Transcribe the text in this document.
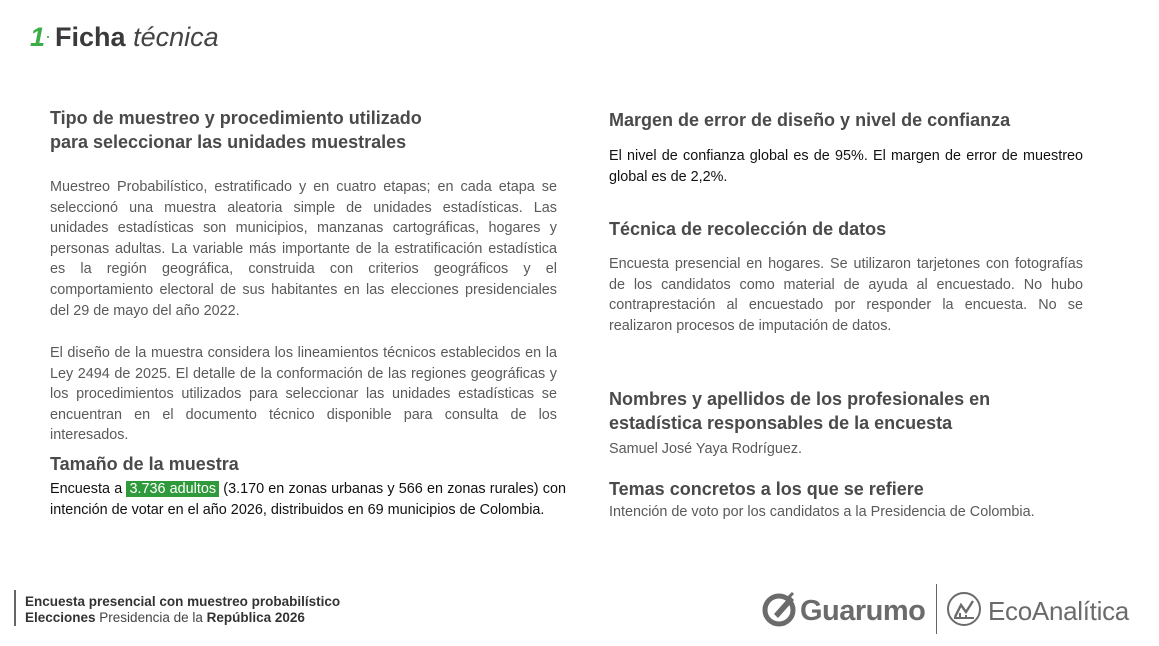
1· Ficha técnica
Tipo de muestreo y procedimiento utilizado
para seleccionar las unidades muestrales

Muestreo Probabilístico, estratificado y en cuatro etapas; en cada etapa se seleccionó una muestra aleatoria simple de unidades estadísticas. Las unidades estadísticas son municipios, manzanas cartográficas, hogares y personas adultas. La variable más importante de la estratificación estadística es la región geográfica, construida con criterios geográficos y el comportamiento electoral de sus habitantes en las elecciones presidenciales del 29 de mayo del año 2022.

El diseño de la muestra considera los lineamientos técnicos establecidos en la Ley 2494 de 2025. El detalle de la conformación de las regiones geográficas y los procedimientos utilizados para seleccionar las unidades estadísticas se encuentran en el documento técnico disponible para consulta de los interesados.

Tamaño de la muestra

Encuesta a 3.736 adultos (3.170 en zonas urbanas y 566 en zonas rurales) con intención de votar en el año 2026, distribuidos en 69 municipios de Colombia.

Margen de error de diseño y nivel de confianza

El nivel de confianza global es de 95%. El margen de error de muestreo global es de 2,2%.

Técnica de recolección de datos

Encuesta presencial en hogares. Se utilizaron tarjetones con fotografías de los candidatos como material de ayuda al encuestado. No hubo contraprestación al encuestado por responder la encuesta. No se realizaron procesos de imputación de datos.

Nombres y apellidos de los profesionales en
estadística responsables de la encuesta

Samuel José Yaya Rodríguez.

Temas concretos a los que se refiere

Intención de voto por los candidatos a la Presidencia de Colombia.

Encuesta presencial con muestreo probabilístico
Elecciones Presidencia de la República 2026	Guarumo EcoAnalítica
